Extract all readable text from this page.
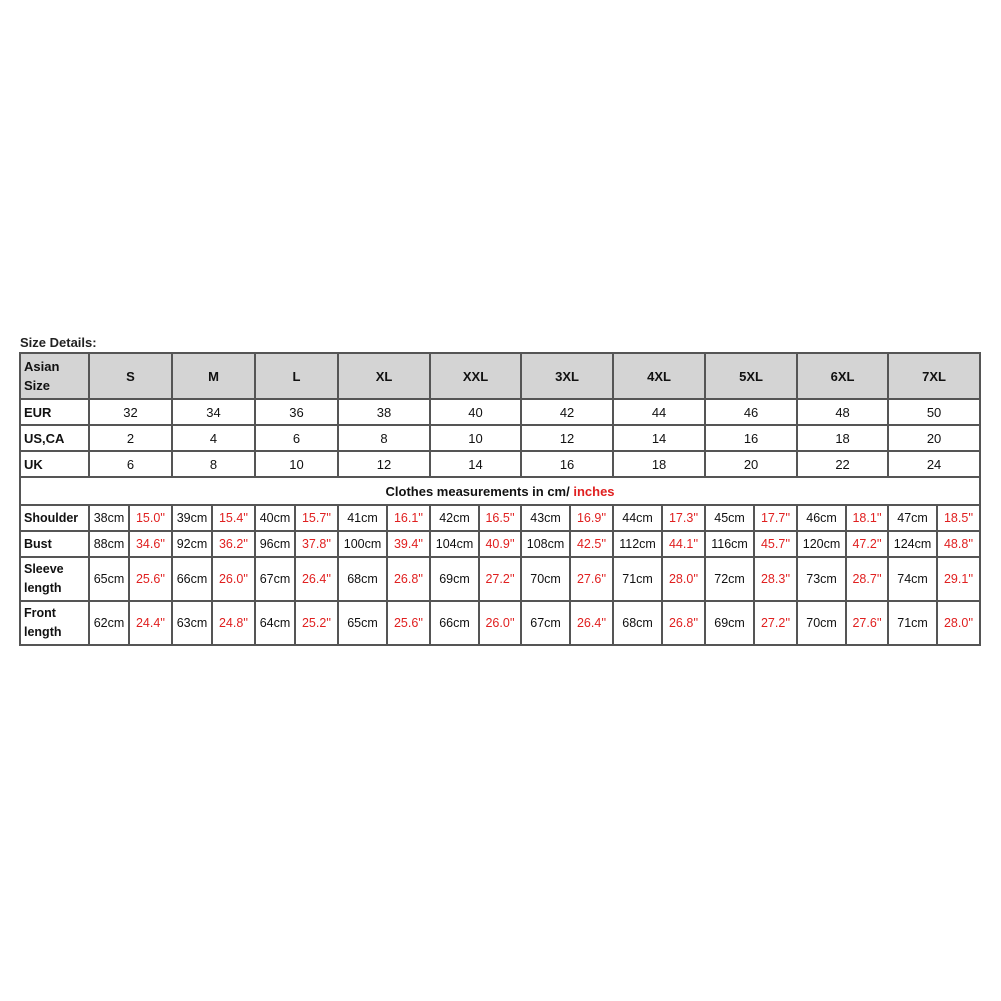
Size Details:
Asian Size	S		M		L		XL		XXL		3XL		4XL		5XL		6XL		7XL	
EUR	32		34		36		38		40		42		44		46		48		50	
US,CA	2		4		6		8		10		12		14		16		18		20	
UK	6		8		10		12		14		16		18		20		22		24	
Clothes measurements in cm/ inches																				
Shoulder	38cm	15.0''	39cm	15.4''	40cm	15.7''	41cm	16.1''	42cm	16.5''	43cm	16.9''	44cm	17.3''	45cm	17.7''	46cm	18.1''	47cm	18.5''
Bust	88cm	34.6''	92cm	36.2''	96cm	37.8''	100cm	39.4''	104cm	40.9''	108cm	42.5''	112cm	44.1''	116cm	45.7''	120cm	47.2''	124cm	48.8''
Sleeve length	65cm	25.6''	66cm	26.0''	67cm	26.4''	68cm	26.8''	69cm	27.2''	70cm	27.6''	71cm	28.0''	72cm	28.3''	73cm	28.7''	74cm	29.1''
Front length	62cm	24.4''	63cm	24.8''	64cm	25.2''	65cm	25.6''	66cm	26.0''	67cm	26.4''	68cm	26.8''	69cm	27.2''	70cm	27.6''	71cm	28.0''
